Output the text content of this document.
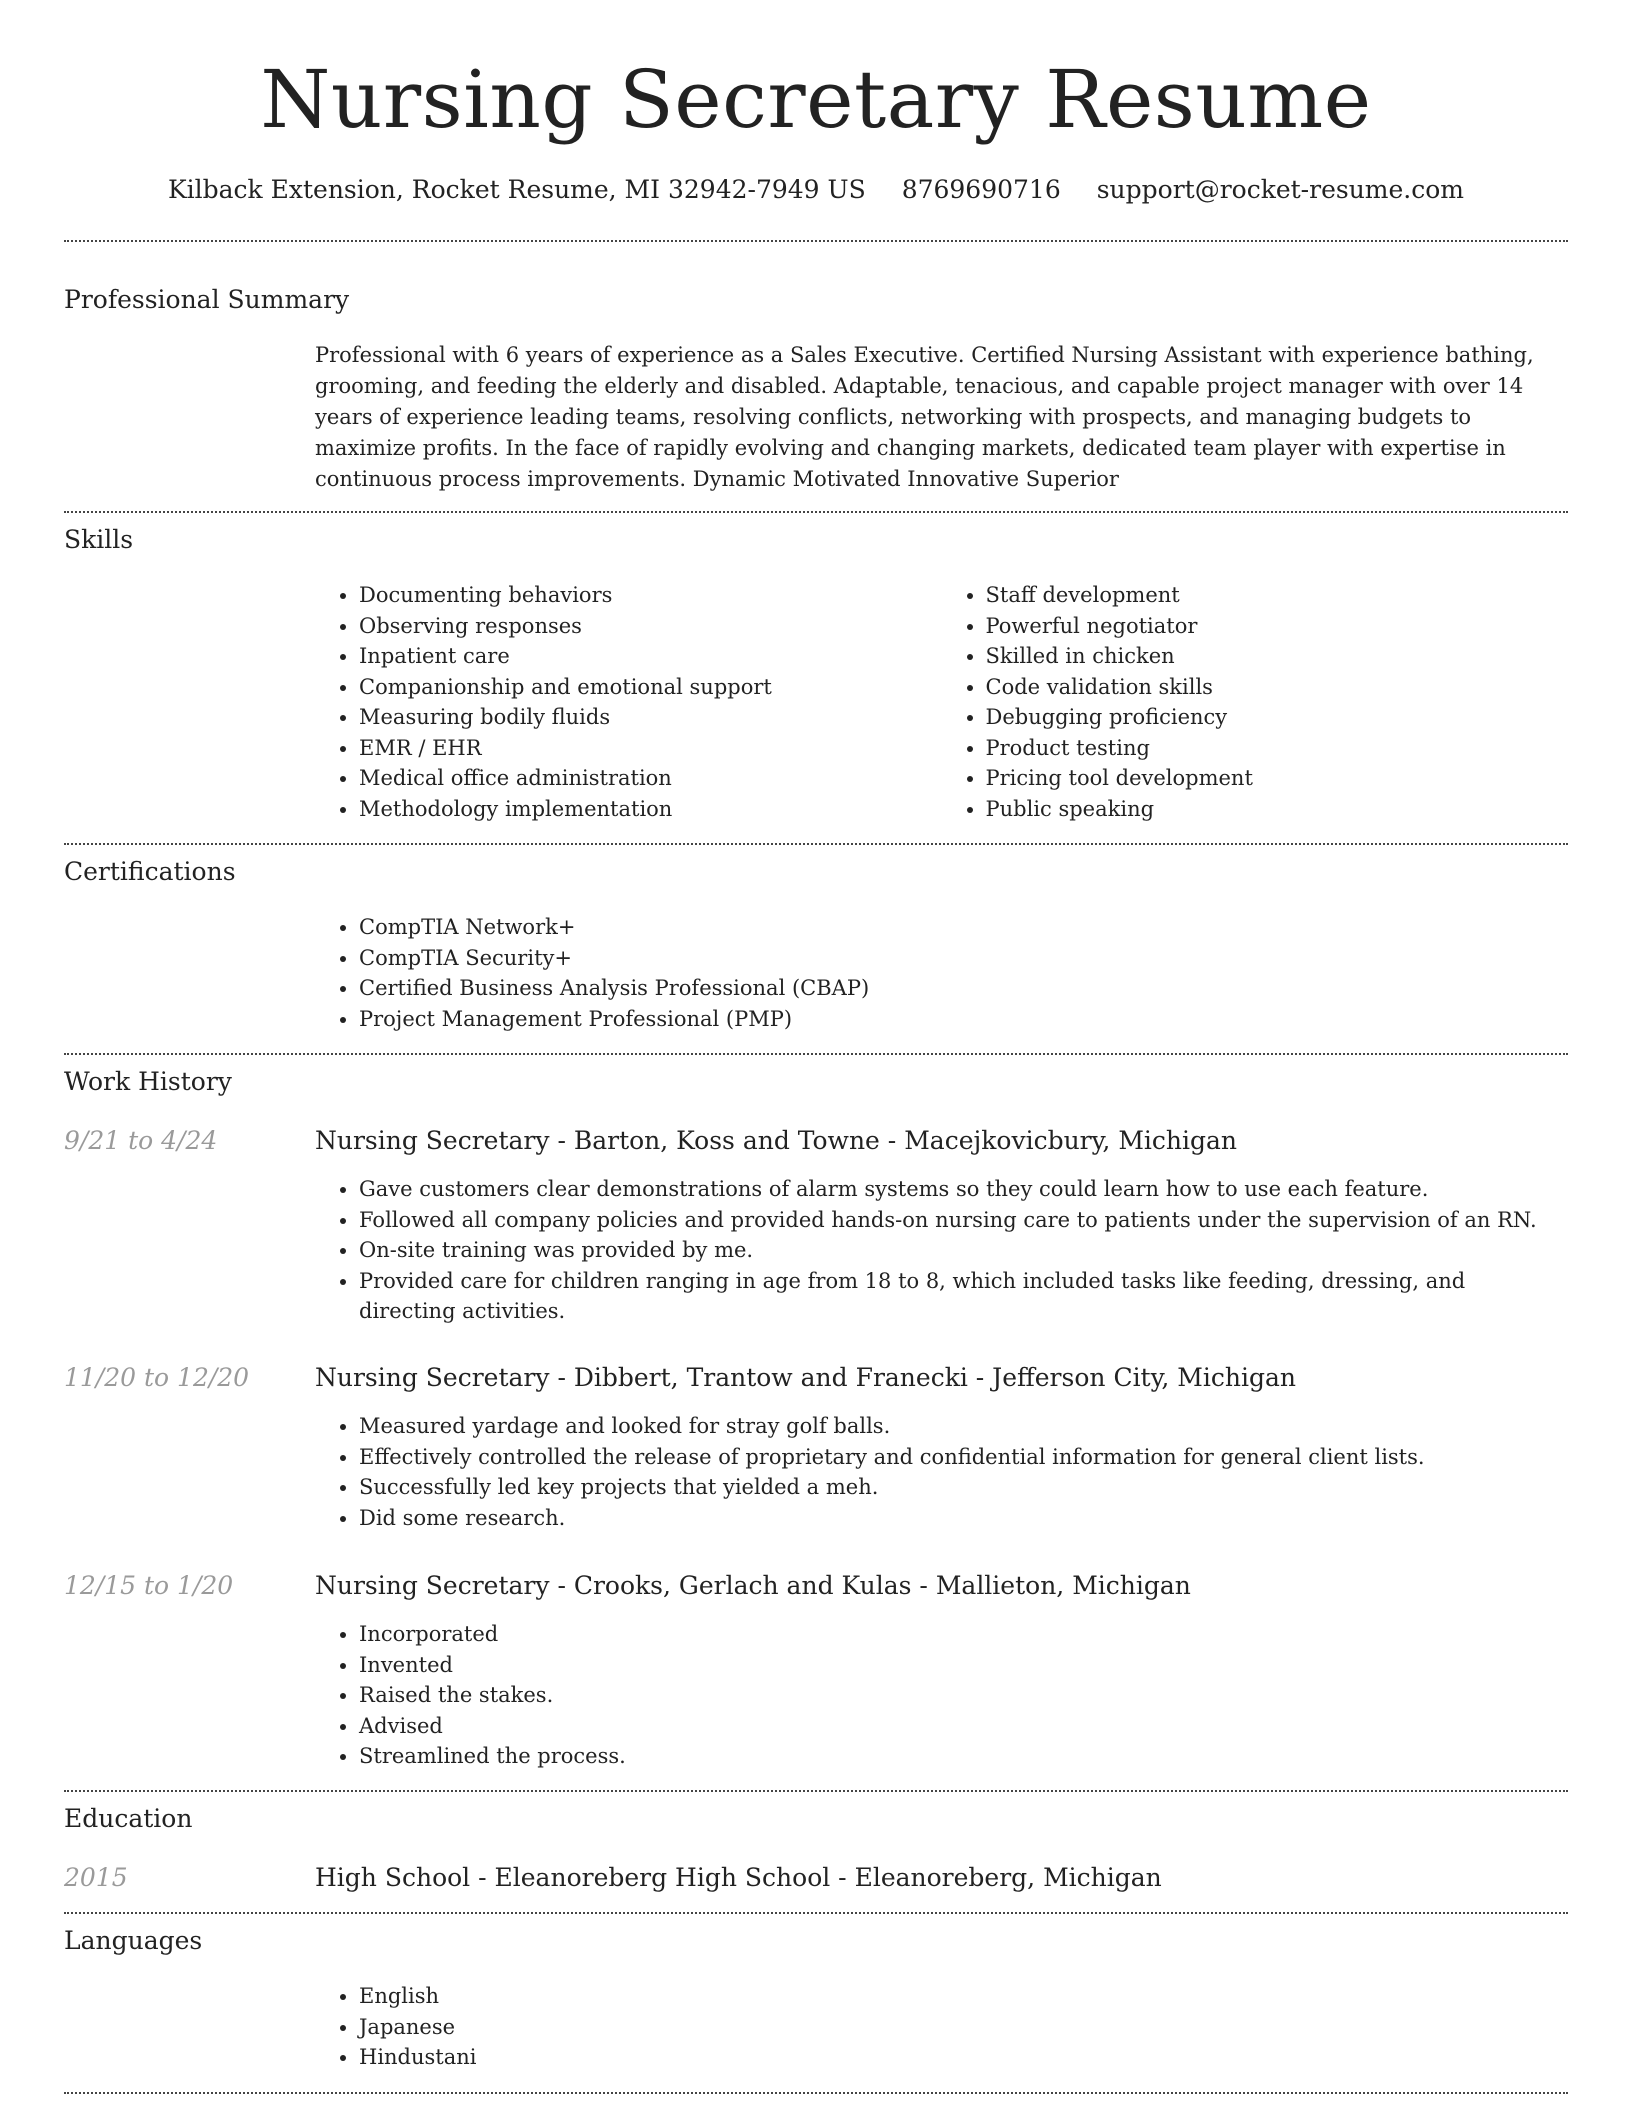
Nursing Secretary Resume
Kilback Extension, Rocket Resume, MI 32942-7949 US 8769690716 support@rocket-resume.com
Professional Summary

Professional with 6 years of experience as a Sales Executive. Certified Nursing Assistant with experience bathing, grooming, and feeding the elderly and disabled. Adaptable, tenacious, and capable project manager with over 14 years of experience leading teams, resolving conflicts, networking with prospects, and managing budgets to maximize profits. In the face of rapidly evolving and changing markets, dedicated team player with expertise in continuous process improvements. Dynamic Motivated Innovative Superior

Skills
• Documenting behaviors
• Observing responses
• Inpatient care
• Companionship and emotional support
• Measuring bodily fluids
• EMR / EHR
• Medical office administration
• Methodology implementation
• Staff development
• Powerful negotiator
• Skilled in chicken
• Code validation skills
• Debugging proficiency
• Product testing
• Pricing tool development
• Public speaking
Certifications
• CompTIA Network+
• CompTIA Security+
• Certified Business Analysis Professional (CBAP)
• Project Management Professional (PMP)
Work History
9/21 to 4/24	Nursing Secretary - Barton, Koss and Towne - Macejkovicbury, Michigan
• Gave customers clear demonstrations of alarm systems so they could learn how to use each feature.
• Followed all company policies and provided hands-on nursing care to patients under the supervision of an RN.
• On-site training was provided by me.
• Provided care for children ranging in age from 18 to 8, which included tasks like feeding, dressing, and directing activities.
11/20 to 12/20	Nursing Secretary - Dibbert, Trantow and Franecki - Jefferson City, Michigan
• Measured yardage and looked for stray golf balls.
• Effectively controlled the release of proprietary and confidential information for general client lists.
• Successfully led key projects that yielded a meh.
• Did some research.
12/15 to 1/20	Nursing Secretary - Crooks, Gerlach and Kulas - Mallieton, Michigan
• Incorporated
• Invented
• Raised the stakes.
• Advised
• Streamlined the process.
Education
2015	High School - Eleanoreberg High School - Eleanoreberg, Michigan
Languages
• English
• Japanese
• Hindustani
